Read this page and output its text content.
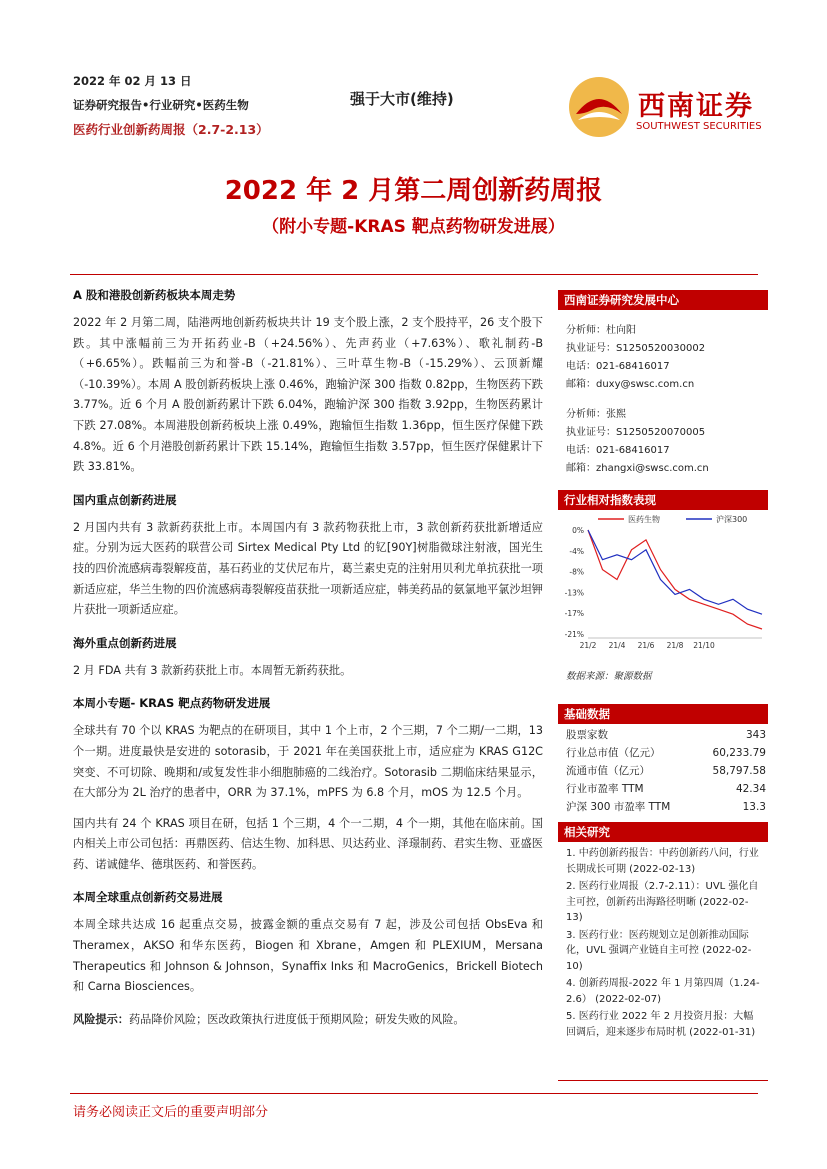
2022 年 02 月 13 日
证券研究报告•行业研究•医药生物
医药行业创新药周报（2.7-2.13）
强于大市(维持)	西南证券
SOUTHWEST SECURITIES
2022 年 2 月第二周创新药周报
（附小专题-KRAS 靶点药物研发进展）
A 股和港股创新药板块本周走势
2022 年 2 月第二周，陆港两地创新药板块共计 19 支个股上涨，2 支个股持平，26 支个股下跌。其中涨幅前三为开拓药业-B（+24.56%）、先声药业（+7.63%）、歌礼制药-B（+6.65%）。跌幅前三为和誉-B（-21.81%）、三叶草生物-B（-15.29%）、云顶新耀（-10.39%）。本周 A 股创新药板块上涨 0.46%，跑输沪深 300 指数 0.82pp，生物医药下跌 3.77%。近 6 个月 A 股创新药累计下跌 6.04%，跑输沪深 300 指数 3.92pp，生物医药累计下跌 27.08%。本周港股创新药板块上涨 0.49%，跑输恒生指数 1.36pp，恒生医疗保健下跌 4.8%。近 6 个月港股创新药累计下跌 15.14%，跑输恒生指数 3.57pp，恒生医疗保健累计下跌 33.81%。
国内重点创新药进展
2 月国内共有 3 款新药获批上市。本周国内有 3 款药物获批上市，3 款创新药获批新增适应症。分别为远大医药的联营公司 Sirtex Medical Pty Ltd 的钇[90Y]树脂微球注射液，国光生技的四价流感病毒裂解疫苗，基石药业的艾伏尼布片，葛兰素史克的注射用贝利尤单抗获批一项新适应症，华兰生物的四价流感病毒裂解疫苗获批一项新适应症，韩美药品的氨氯地平氯沙坦钾片获批一项新适应症。
海外重点创新药进展
2 月 FDA 共有 3 款新药获批上市。本周暂无新药获批。
本周小专题- KRAS 靶点药物研发进展
全球共有 70 个以 KRAS 为靶点的在研项目，其中 1 个上市，2 个三期，7 个二期/一二期，13 个一期。进度最快是安进的 sotorasib，于 2021 年在美国获批上市，适应症为 KRAS G12C 突变、不可切除、晚期和/或复发性非小细胞肺癌的二线治疗。Sotorasib 二期临床结果显示，在大部分为 2L 治疗的患者中，ORR 为 37.1%，mPFS 为 6.8 个月，mOS 为 12.5 个月。
国内共有 24 个 KRAS 项目在研，包括 1 个三期，4 个一二期，4 个一期，其他在临床前。国内相关上市公司包括：再鼎医药、信达生物、加科思、贝达药业、泽璟制药、君实生物、亚盛医药、诺诚健华、德琪医药、和誉医药。
本周全球重点创新药交易进展
本周全球共达成 16 起重点交易，披露金额的重点交易有 7 起，涉及公司包括 ObsEva 和 Theramex，AKSO 和华东医药，Biogen 和 Xbrane，Amgen 和 PLEXIUM，Mersana Therapeutics 和 Johnson & Johnson，Synaffix Inks 和 MacroGenics，Brickell Biotech 和 Carna Biosciences。
风险提示：药品降价风险；医改政策执行进度低于预期风险；研发失败的风险。
西南证券研究发展中心
分析师：杜向阳
执业证号：S1250520030002
电话：021-68416017
邮箱：duxy@swsc.com.cn
分析师：张熙
执业证号：S1250520070005
电话：021-68416017
邮箱：zhangxi@swsc.com.cn
行业相对指数表现
0%
-4%
-8%
-13%
-17%
-21%
21/2 21/4 21/6 21/8 21/10
医药生物	沪深300
数据来源：聚源数据
基础数据
股票家数	343
行业总市值（亿元）	60,233.79
流通市值（亿元）	58,797.58
行业市盈率 TTM	42.34
沪深 300 市盈率 TTM	13.3
相关研究
1. 中药创新药报告：中药创新药八问，行业长期成长可期 (2022-02-13)
2. 医药行业周报（2.7-2.11）：UVL 强化自主可控，创新药出海路径明晰 (2022-02-13)
3. 医药行业：医药规划立足创新推动国际化，UVL 强调产业链自主可控 (2022-02-10)
4. 创新药周报-2022 年 1 月第四周（1.24-2.6） (2022-02-07)
5. 医药行业 2022 年 2 月投资月报：大幅回调后，迎来逐步布局时机 (2022-01-31)
请务必阅读正文后的重要声明部分
